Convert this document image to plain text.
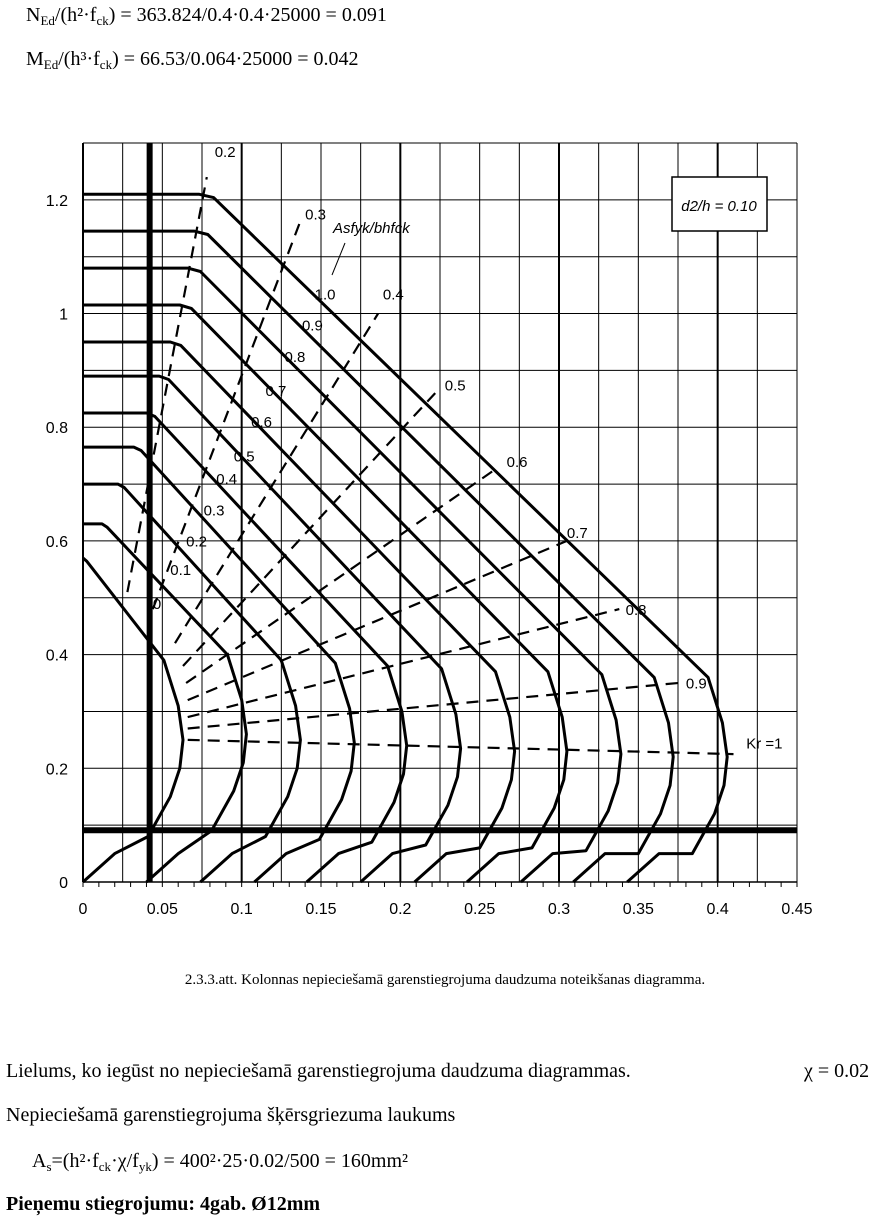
$N_{Ed}/(h^2\cdot f_{ck}) = 363.824/0.4\cdot 0.4\cdot 25000 = 0.091$
$M_{Ed}/(h^3\cdot f_{ck}) = 66.53/0.064\cdot 25000 = 0.042$
0	0.05	0.1	0.15	0.2	0.25	0.3	0.35	0.4	0.45
0
0.2
0.4
0.6
0.8
1
1.2
0.2
0.3
0.4
0.5
0.6
0.7
0.8
0.9
Kr =1
1.0
0.9
0.8
0.7
0.6
0.5
0.4
0.3
0.2
0.1
0
Asfyk/bhfck
d2/h = 0.10
2.3.3.att. Kolonnas nepieciešamā garenstiegrojuma daudzuma noteikšanas diagramma.
Lielums, ko iegūst no nepieciešamā garenstiegrojuma daudzuma diagrammas.	χ = 0.02
Nepieciešamā garenstiegrojuma šķērsgriezuma laukums
$A_s=(h^2\cdot f_{ck}\cdot\chi/f_{yk}) = 400^2\cdot 25\cdot 0.02/500 = 160mm^2$
Pieņemu stiegrojumu: 4gab. Ø12mm
